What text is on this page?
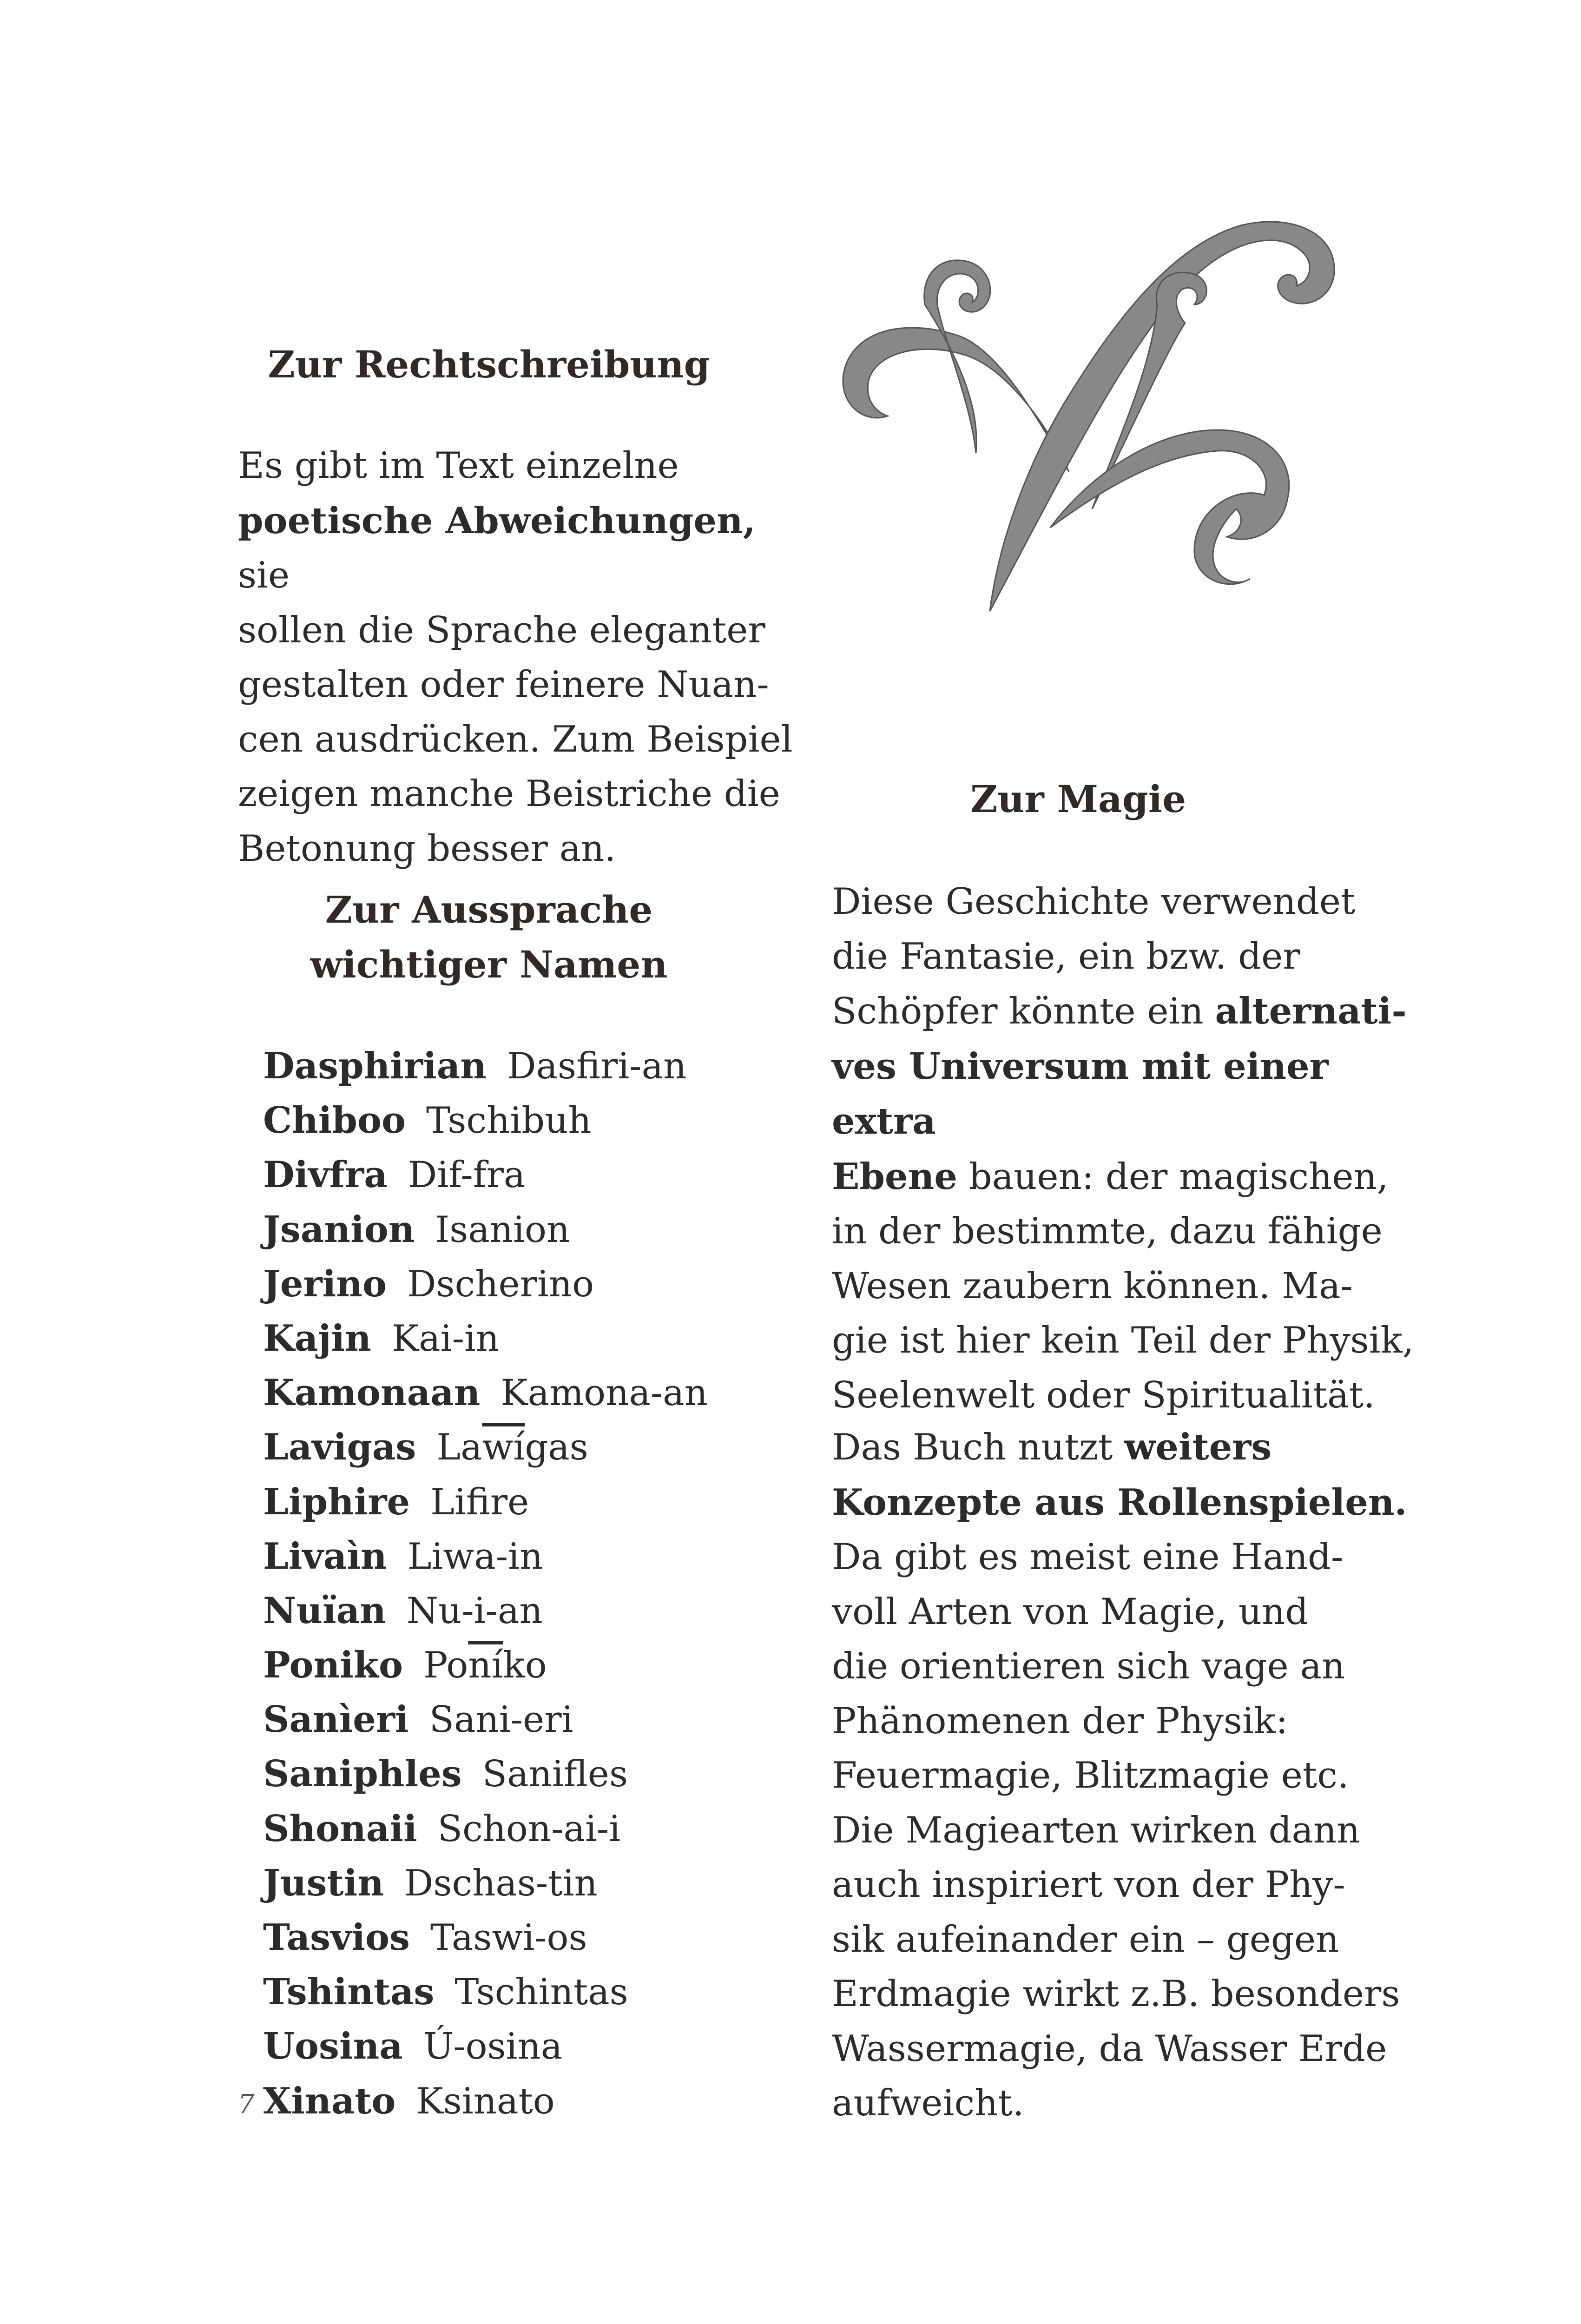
Zur Rechtschreibung

Es gibt im Text einzelne
poetische Abweichungen, sie
sollen die Sprache eleganter
gestalten oder feinere Nuan-
cen ausdrücken. Zum Beispiel
zeigen manche Beistriche die
Betonung besser an.

Zur Aussprache
wichtiger Namen
Dasphirian Dasfiri-an
Chiboo Tschibuh
Divfra Dif-fra
Jsanion Isanion
Jerino Dscherino
Kajin Kai-in
Kamonaan Kamona-an
Lavigas $La\overline{wí}gas$
Liphire Lifire
Livaìn Liwa-in
Nuïan Nu-i-an
Poniko $Po\overline{ní}ko$
Sanìeri Sani-eri
Saniphles Sanifles
Shonaii Schon-ai-i
Justin Dschas-tin
Tasvios Taswi-os
Tshintas Tschintas
Uosina Ú-osina
Xinato Ksinato
Zur Magie

Diese Geschichte verwendet
die Fantasie, ein bzw. der
Schöpfer könnte ein alternati-
ves Universum mit einer extra
Ebene bauen: der magischen,
in der bestimmte, dazu fähige
Wesen zaubern können. Ma-
gie ist hier kein Teil der Physik,
Seelenwelt oder Spiritualität.

Das Buch nutzt weiters
Konzepte aus Rollenspielen.
Da gibt es meist eine Hand-
voll Arten von Magie, und
die orientieren sich vage an
Phänomenen der Physik:
Feuermagie, Blitzmagie etc.
Die Magiearten wirken dann
auch inspiriert von der Phy-
sik aufeinander ein – gegen
Erdmagie wirkt z.B. besonders
Wassermagie, da Wasser Erde
aufweicht.

7
